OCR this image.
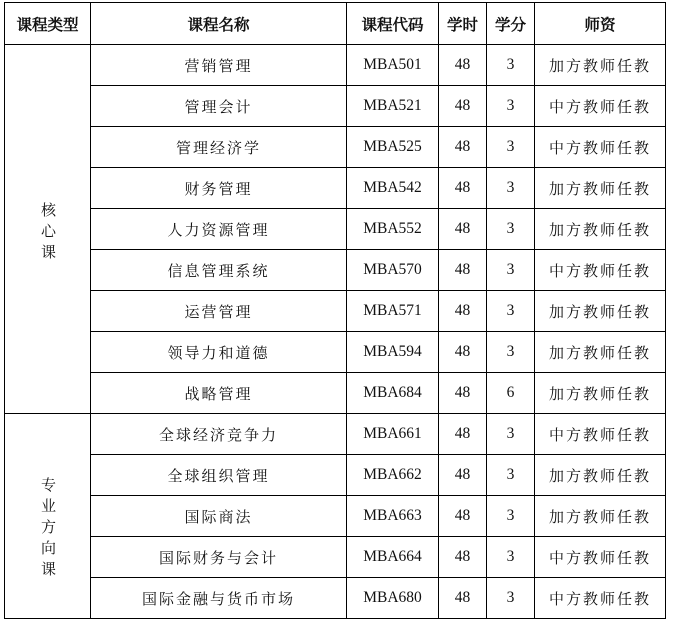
课程类型	课程名称	课程代码	学时	学分	师资
核心课	营销管理	MBA501	48	3	加方教师任教
	管理会计	MBA521	48	3	中方教师任教
	管理经济学	MBA525	48	3	中方教师任教
	财务管理	MBA542	48	3	加方教师任教
	人力资源管理	MBA552	48	3	加方教师任教
	信息管理系统	MBA570	48	3	中方教师任教
	运营管理	MBA571	48	3	加方教师任教
	领导力和道德	MBA594	48	3	加方教师任教
	战略管理	MBA684	48	6	加方教师任教
专业方向课	全球经济竞争力	MBA661	48	3	中方教师任教
	全球组织管理	MBA662	48	3	加方教师任教
	国际商法	MBA663	48	3	加方教师任教
	国际财务与会计	MBA664	48	3	中方教师任教
	国际金融与货币市场	MBA680	48	3	中方教师任教
